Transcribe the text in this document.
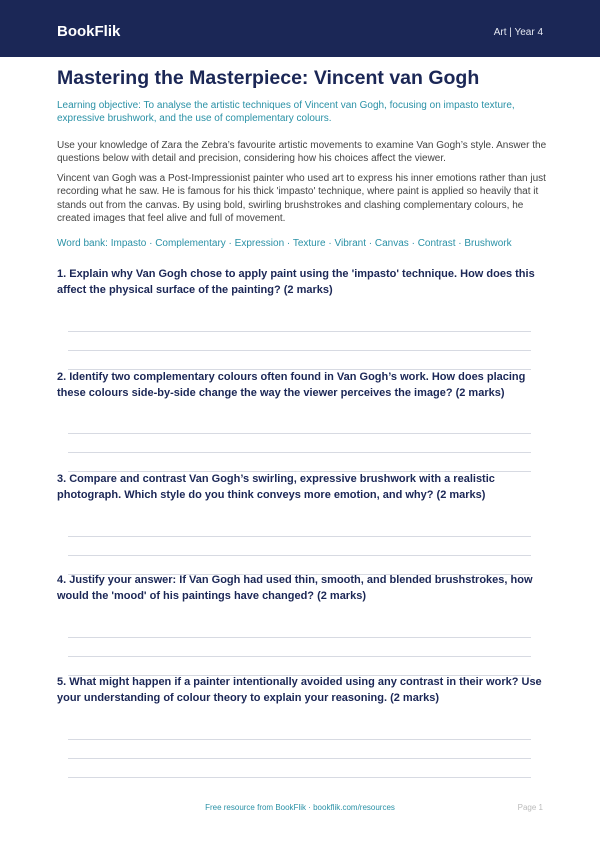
BookFlik	Art | Year 4
Mastering the Masterpiece: Vincent van Gogh

Learning objective: To analyse the artistic techniques of Vincent van Gogh, focusing on impasto texture, expressive brushwork, and the use of complementary colours.

Use your knowledge of Zara the Zebra’s favourite artistic movements to examine Van Gogh’s style. Answer the questions below with detail and precision, considering how his choices affect the viewer.

Vincent van Gogh was a Post-Impressionist painter who used art to express his inner emotions rather than just recording what he saw. He is famous for his thick 'impasto' technique, where paint is applied so heavily that it stands out from the canvas. By using bold, swirling brushstrokes and clashing complementary colours, he created images that feel alive and full of movement.

Word bank: Impasto · Complementary · Expression · Texture · Vibrant · Canvas · Contrast · Brushwork

1. Explain why Van Gogh chose to apply paint using the 'impasto' technique. How does this affect the physical surface of the painting? (2 marks)

2. Identify two complementary colours often found in Van Gogh’s work. How does placing these colours side-by-side change the way the viewer perceives the image? (2 marks)

3. Compare and contrast Van Gogh’s swirling, expressive brushwork with a realistic photograph. Which style do you think conveys more emotion, and why? (2 marks)

4. Justify your answer: If Van Gogh had used thin, smooth, and blended brushstrokes, how would the 'mood' of his paintings have changed? (2 marks)

5. What might happen if a painter intentionally avoided using any contrast in their work? Use your understanding of colour theory to explain your reasoning. (2 marks)

Free resource from BookFlik · bookflik.com/resources	Page 1
